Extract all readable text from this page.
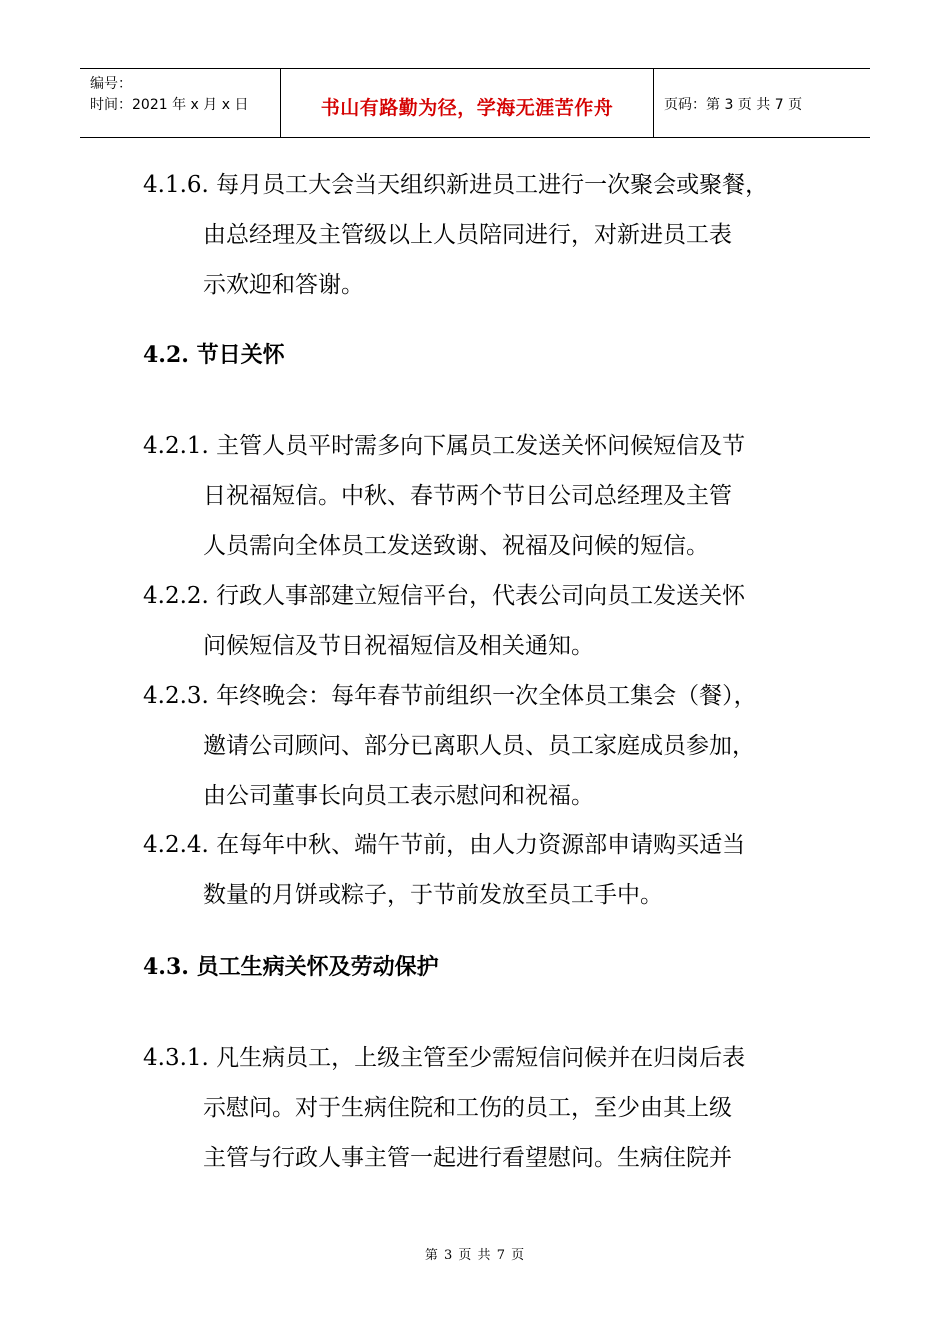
编号：
时间：2021 年 x 月 x 日	书山有路勤为径，学海无涯苦作舟	页码：第 3 页 共 7 页
4.1.6. 每月员工大会当天组织新进员工进行一次聚会或聚餐，
由总经理及主管级以上人员陪同进行，对新进员工表
示欢迎和答谢。
4.2. 节日关怀
4.2.1. 主管人员平时需多向下属员工发送关怀问候短信及节
日祝福短信。中秋、春节两个节日公司总经理及主管
人员需向全体员工发送致谢、祝福及问候的短信。
4.2.2. 行政人事部建立短信平台，代表公司向员工发送关怀
问候短信及节日祝福短信及相关通知。
4.2.3. 年终晚会：每年春节前组织一次全体员工集会（餐），
邀请公司顾问、部分已离职人员、员工家庭成员参加，
由公司董事长向员工表示慰问和祝福。
4.2.4. 在每年中秋、端午节前，由人力资源部申请购买适当
数量的月饼或粽子，于节前发放至员工手中。
4.3. 员工生病关怀及劳动保护
4.3.1. 凡生病员工，上级主管至少需短信问候并在归岗后表
示慰问。对于生病住院和工伤的员工，至少由其上级
主管与行政人事主管一起进行看望慰问。生病住院并
第 3 页 共 7 页
